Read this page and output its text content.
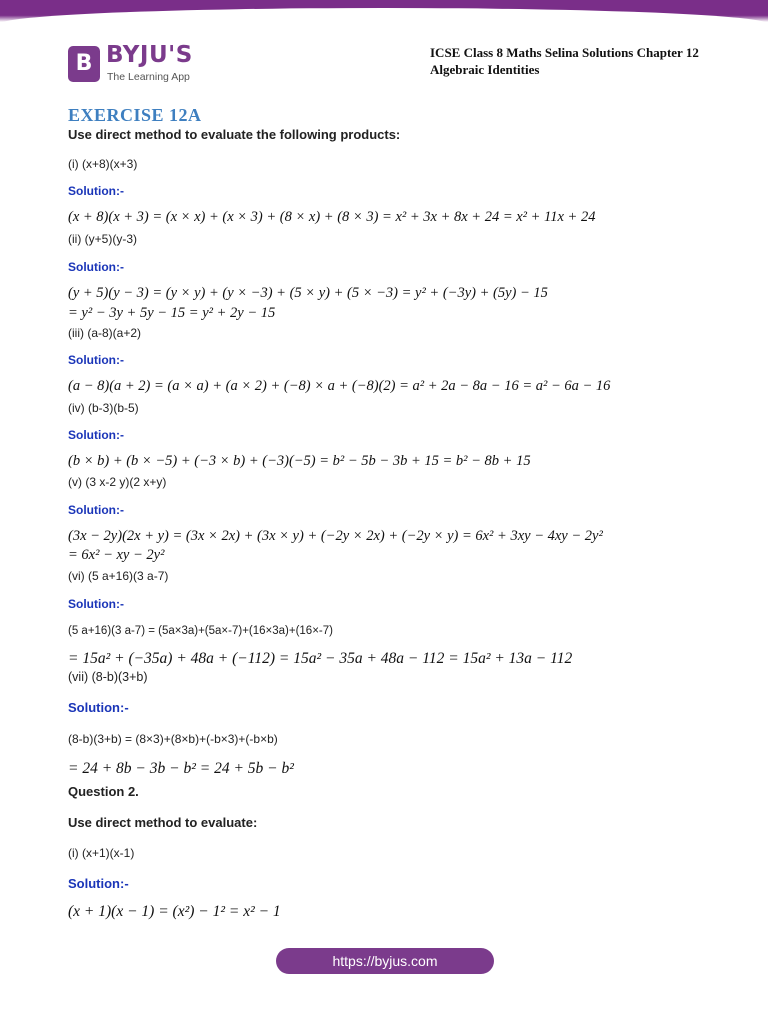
B BYJU'S
The Learning App
ICSE Class 8 Maths Selina Solutions Chapter 12
Algebraic Identities
EXERCISE 12A
Use direct method to evaluate the following products:
(i) (x+8)(x+3)
Solution:-
(x + 8)(x + 3) = (x × x) + (x × 3) + (8 × x) + (8 × 3) = x² + 3x + 8x + 24 = x² + 11x + 24
(ii) (y+5)(y-3)
Solution:-
(y + 5)(y − 3) = (y × y) + (y × −3) + (5 × y) + (5 × −3) = y² + (−3y) + (5y) − 15
= y² − 3y + 5y − 15 = y² + 2y − 15
(iii) (a-8)(a+2)
Solution:-
(a − 8)(a + 2) = (a × a) + (a × 2) + (−8) × a + (−8)(2) = a² + 2a − 8a − 16 = a² − 6a − 16
(iv) (b-3)(b-5)
Solution:-
(b × b) + (b × −5) + (−3 × b) + (−3)(−5) = b² − 5b − 3b + 15 = b² − 8b + 15
(v) (3 x-2 y)(2 x+y)
Solution:-
(3x − 2y)(2x + y) = (3x × 2x) + (3x × y) + (−2y × 2x) + (−2y × y) = 6x² + 3xy − 4xy − 2y²
= 6x² − xy − 2y²
(vi) (5 a+16)(3 a-7)
Solution:-
(5 a+16)(3 a-7) = (5a×3a)+(5a×-7)+(16×3a)+(16×-7)
= 15a² + (−35a) + 48a + (−112) = 15a² − 35a + 48a − 112 = 15a² + 13a − 112
(vii) (8-b)(3+b)
Solution:-
(8-b)(3+b) = (8×3)+(8×b)+(-b×3)+(-b×b)
= 24 + 8b − 3b − b² = 24 + 5b − b²
Question 2.
Use direct method to evaluate:
(i) (x+1)(x-1)
Solution:-
(x + 1)(x − 1) = (x²) − 1² = x² − 1
https://byjus.com
